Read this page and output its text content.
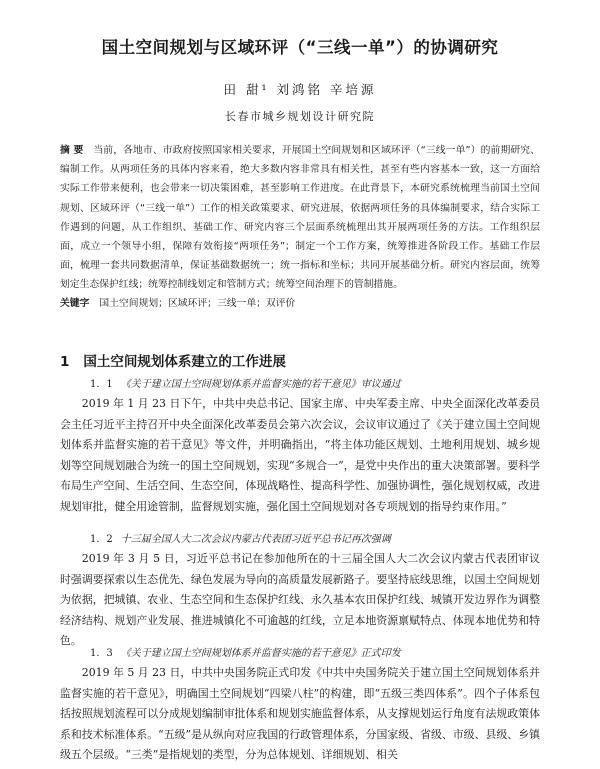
国土空间规划与区域环评（“三线一单”）的协调研究
田 甜¹ 刘鸿铭 辛培源
长春市城乡规划设计研究院

摘 要 当前，各地市、市政府按照国家相关要求，开展国土空间规划和区域环评（“三线一单”）的前期研究、编制工作。从两项任务的具体内容来看，绝大多数内容非常具有相关性，甚至有些内容基本一致，这一方面给实际工作带来便利，也会带来一切决策困难，甚至影响工作进度。在此背景下，本研究系统梳理当前国土空间规划、区域环评（“三线一单”）工作的相关政策要求、研究进展，依据两项任务的具体编制要求，结合实际工作遇到的问题，从工作组织、基础工作、研究内容三个层面系统梳理出其开展两项任务的方法。工作组织层面，成立一个领导小组，保障有效衔接“两项任务”；制定一个工作方案，统筹推进各阶段工作。基础工作层面，梳理一套共同数据清单，保证基础数据统一；统一指标和坐标；共同开展基础分析。研究内容层面，统筹划定生态保护红线；统筹控制线划定和管制方式；统筹空间治理下的管制措施。

关键字 国土空间规划；区域环评；三线一单；双评价

1 国土空间规划体系建立的工作进展

1．1 《关于建立国土空间规划体系并监督实施的若干意见》审议通过

2019 年 1 月 23 日下午，中共中央总书记、国家主席、中央军委主席、中央全面深化改革委员会主任习近平主持召开中央全面深化改革委员会第六次会议，会议审议通过了《关于建立国土空间规划体系并监督实施的若干意见》等文件，并明确指出，“将主体功能区规划、土地利用规划、城乡规划等空间规划融合为统一的国土空间规划，实现“多规合一”，是党中央作出的重大决策部署。要科学布局生产空间、生活空间、生态空间，体现战略性、提高科学性、加强协调性，强化规划权威，改进规划审批，健全用途管制，监督规划实施，强化国土空间规划对各专项规划的指导约束作用。”

1．2 十三届全国人大二次会议内蒙古代表团习近平总书记再次强调

2019 年 3 月 5 日，习近平总书记在参加他所在的十三届全国人大二次会议内蒙古代表团审议时强调要探索以生态优先、绿色发展为导向的高质量发展新路子。要坚持底线思维，以国土空间规划为依据，把城镇、农业、生态空间和生态保护红线、永久基本农田保护红线、城镇开发边界作为调整经济结构、规划产业发展、推进城镇化不可逾越的红线，立足本地资源禀赋特点、体现本地优势和特色。

1．3 《关于建立国土空间规划体系并监督实施的若干意见》正式印发

2019 年 5 月 23 日，中共中央国务院正式印发《中共中央国务院关于建立国土空间规划体系并监督实施的若干意见》，明确国土空间规划“四梁八柱”的构建，即“五级三类四体系”。四个子体系包括按照规划流程可以分成规划编制审批体系和规划实施监督体系，从支撑规划运行角度有法规政策体系和技术标准体系。“五级”是从纵向对应我国的行政管理体系，分国家级、省级、市级、县级、乡镇级五个层级。“三类”是指规划的类型，分为总体规划、详细规划、相关
